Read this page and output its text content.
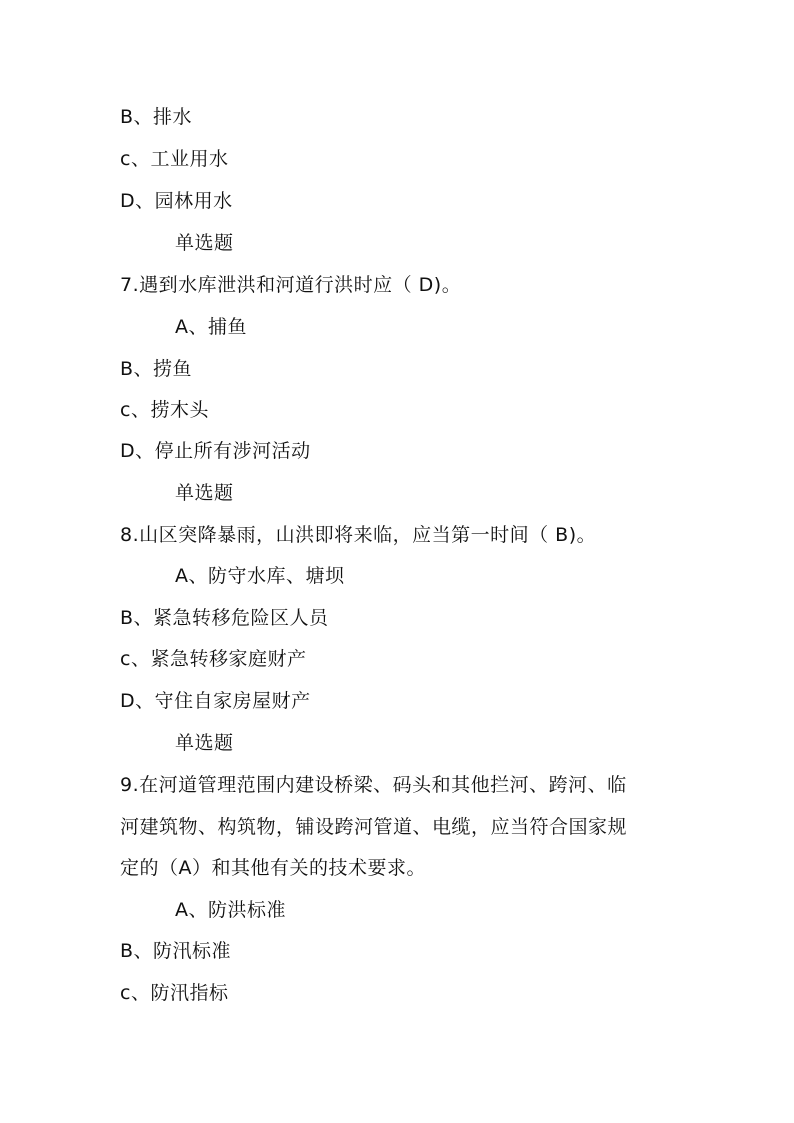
B、排水
c、工业用水
D、园林用水
单选题
7.遇到水库泄洪和河道行洪时应（ D)。
A、捕鱼
B、捞鱼
c、捞木头
D、停止所有涉河活动
单选题
8.山区突降暴雨，山洪即将来临，应当第一时间（ B)。
A、防守水库、塘坝
B、紧急转移危险区人员
c、紧急转移家庭财产
D、守住自家房屋财产
单选题
9.在河道管理范围内建设桥梁、码头和其他拦河、跨河、临
河建筑物、构筑物，铺设跨河管道、电缆，应当符合国家规
定的（A）和其他有关的技术要求。
A、防洪标准
B、防汛标准
c、防汛指标
